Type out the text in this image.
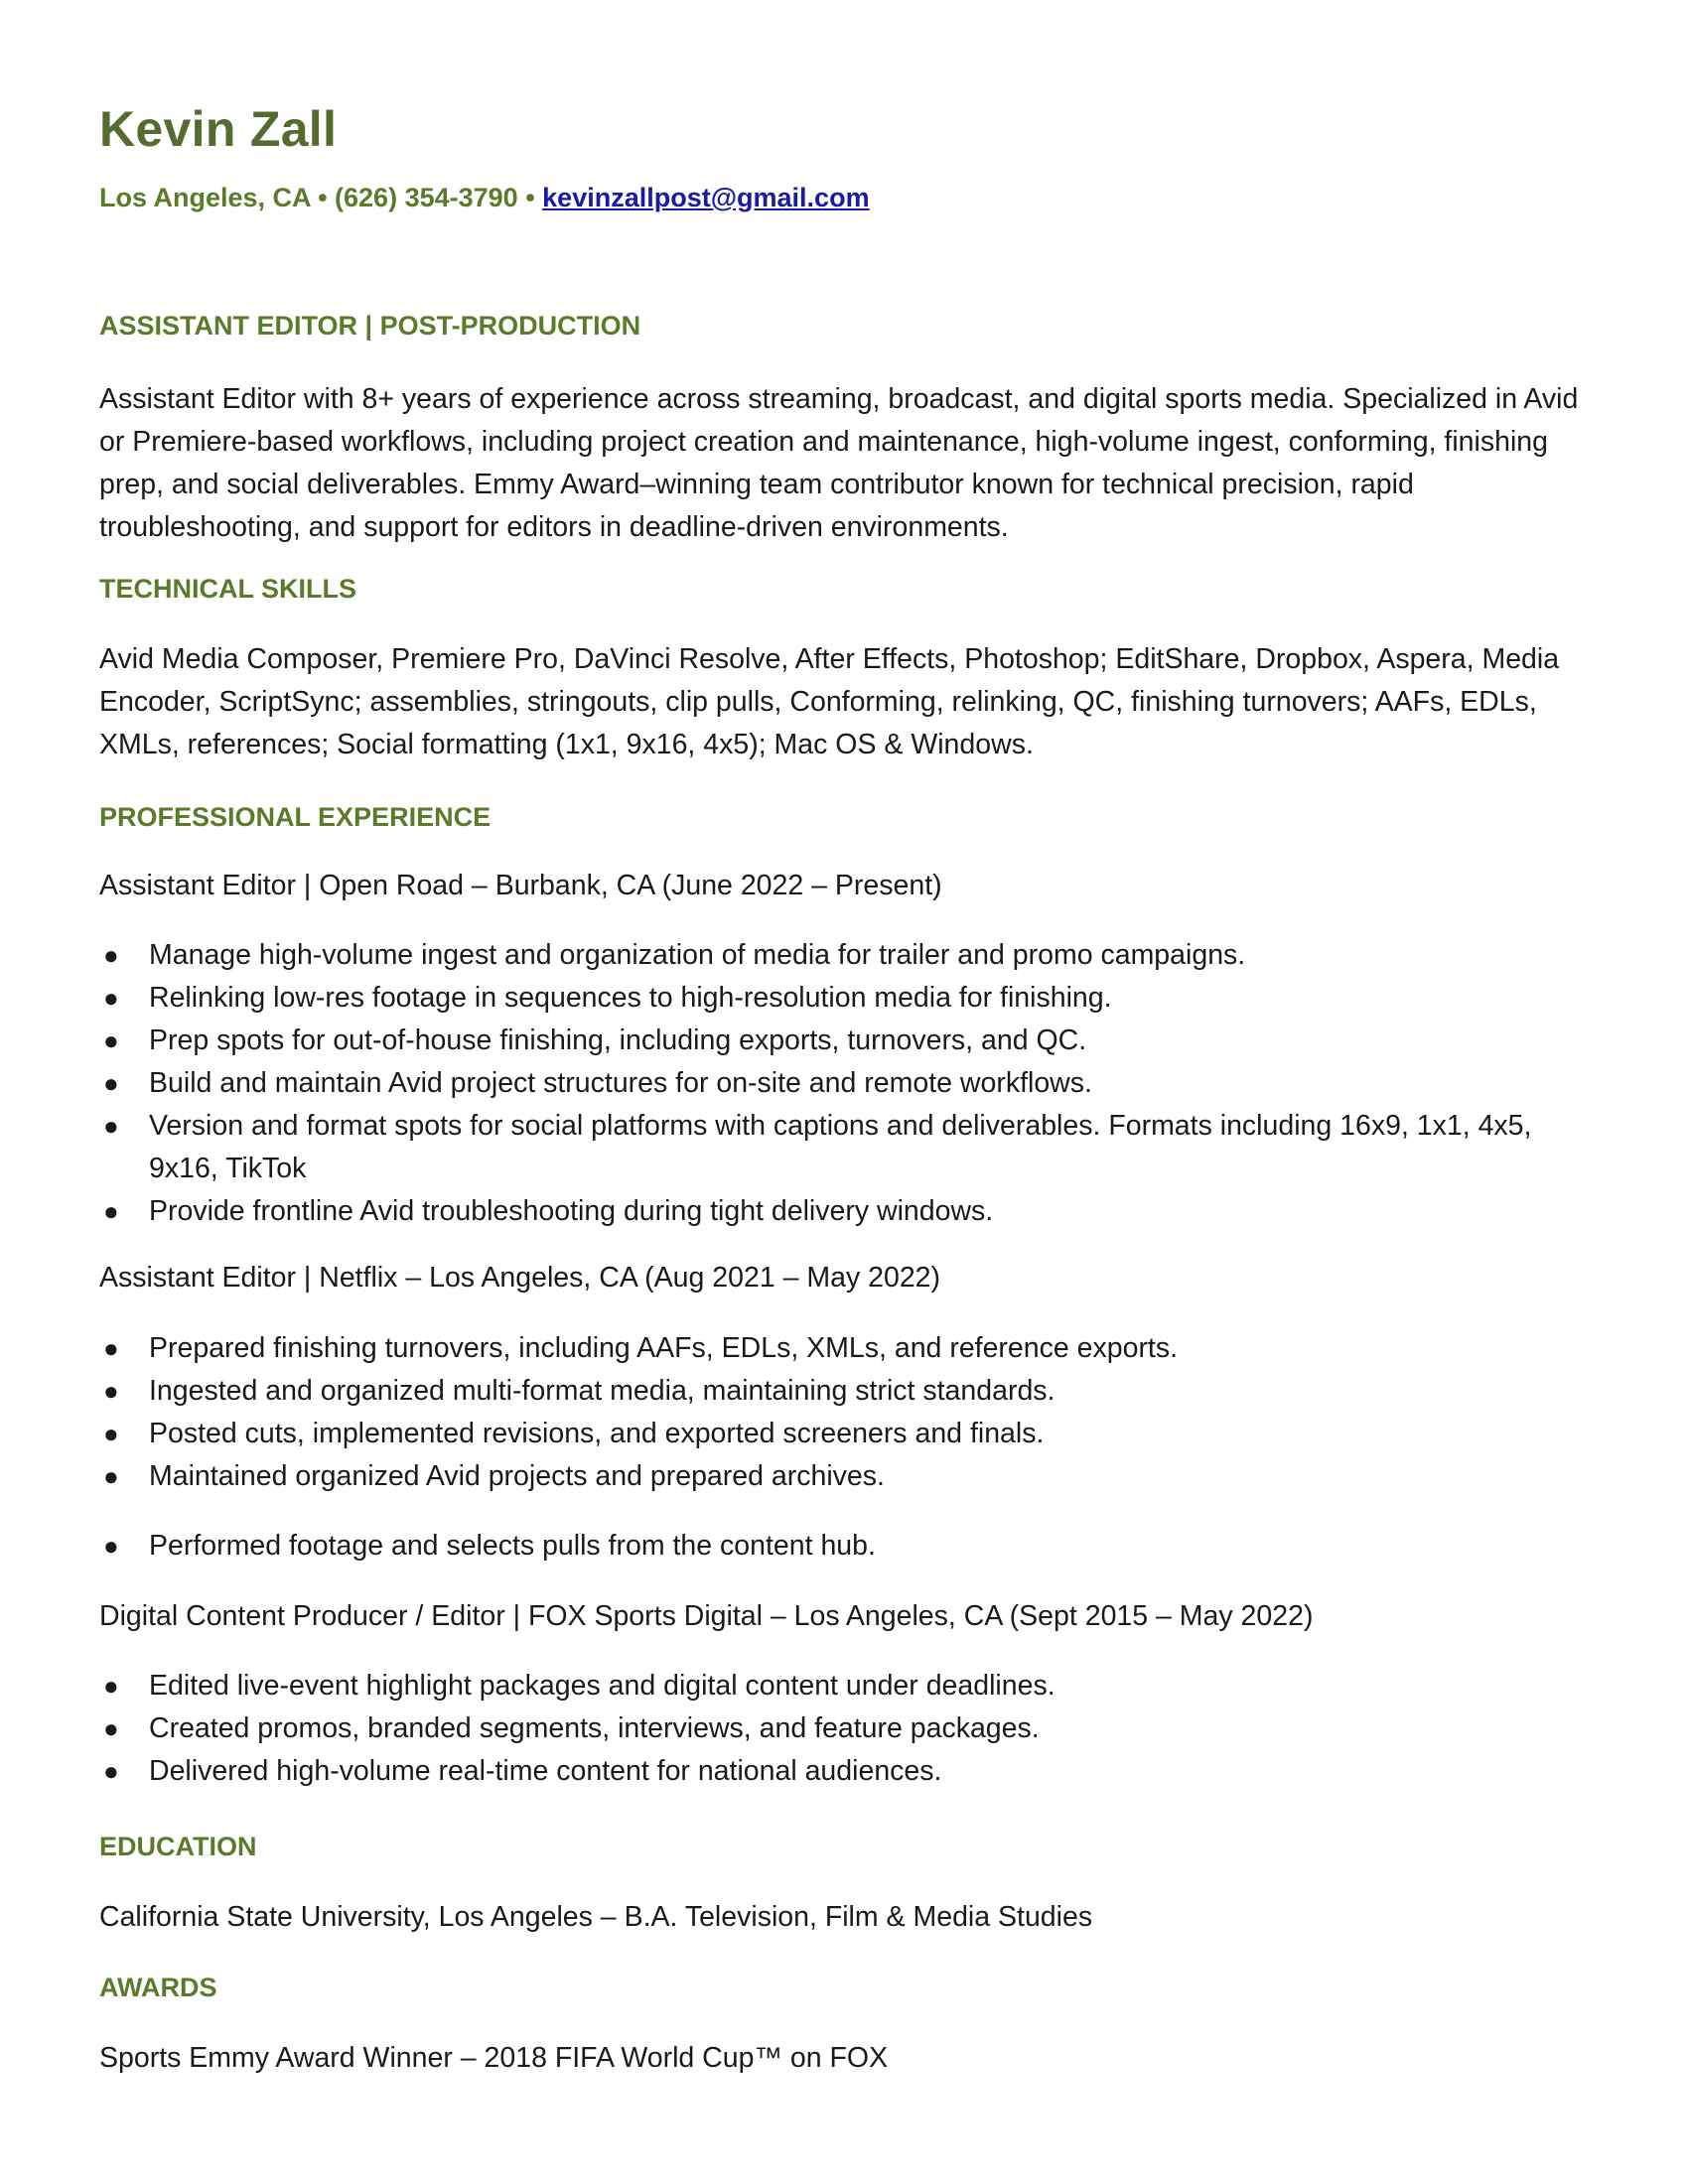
Kevin Zall
Los Angeles, CA • (626) 354-3790 • kevinzallpost@gmail.com
ASSISTANT EDITOR | POST-PRODUCTION

Assistant Editor with 8+ years of experience across streaming, broadcast, and digital sports media. Specialized in Avid or Premiere-based workflows, including project creation and maintenance, high-volume ingest, conforming, finishing prep, and social deliverables. Emmy Award–winning team contributor known for technical precision, rapid troubleshooting, and support for editors in deadline-driven environments.

TECHNICAL SKILLS

Avid Media Composer, Premiere Pro, DaVinci Resolve, After Effects, Photoshop; EditShare, Dropbox, Aspera, Media Encoder, ScriptSync; assemblies, stringouts, clip pulls, Conforming, relinking, QC, finishing turnovers; AAFs, EDLs, XMLs, references; Social formatting (1x1, 9x16, 4x5); Mac OS & Windows.

PROFESSIONAL EXPERIENCE
Assistant Editor | Open Road – Burbank, CA (June 2022 – Present)
● Manage high-volume ingest and organization of media for trailer and promo campaigns.
● Relinking low-res footage in sequences to high-resolution media for finishing.
● Prep spots for out-of-house finishing, including exports, turnovers, and QC.
● Build and maintain Avid project structures for on-site and remote workflows.
● Version and format spots for social platforms with captions and deliverables. Formats including 16x9, 1x1, 4x5, 9x16, TikTok
● Provide frontline Avid troubleshooting during tight delivery windows.
Assistant Editor | Netflix – Los Angeles, CA (Aug 2021 – May 2022)
● Prepared finishing turnovers, including AAFs, EDLs, XMLs, and reference exports.
● Ingested and organized multi-format media, maintaining strict standards.
● Posted cuts, implemented revisions, and exported screeners and finals.
● Maintained organized Avid projects and prepared archives.
● Performed footage and selects pulls from the content hub.
Digital Content Producer / Editor | FOX Sports Digital – Los Angeles, CA (Sept 2015 – May 2022)
● Edited live-event highlight packages and digital content under deadlines.
● Created promos, branded segments, interviews, and feature packages.
● Delivered high-volume real-time content for national audiences.
EDUCATION

California State University, Los Angeles – B.A. Television, Film & Media Studies

AWARDS

Sports Emmy Award Winner – 2018 FIFA World Cup™ on FOX
